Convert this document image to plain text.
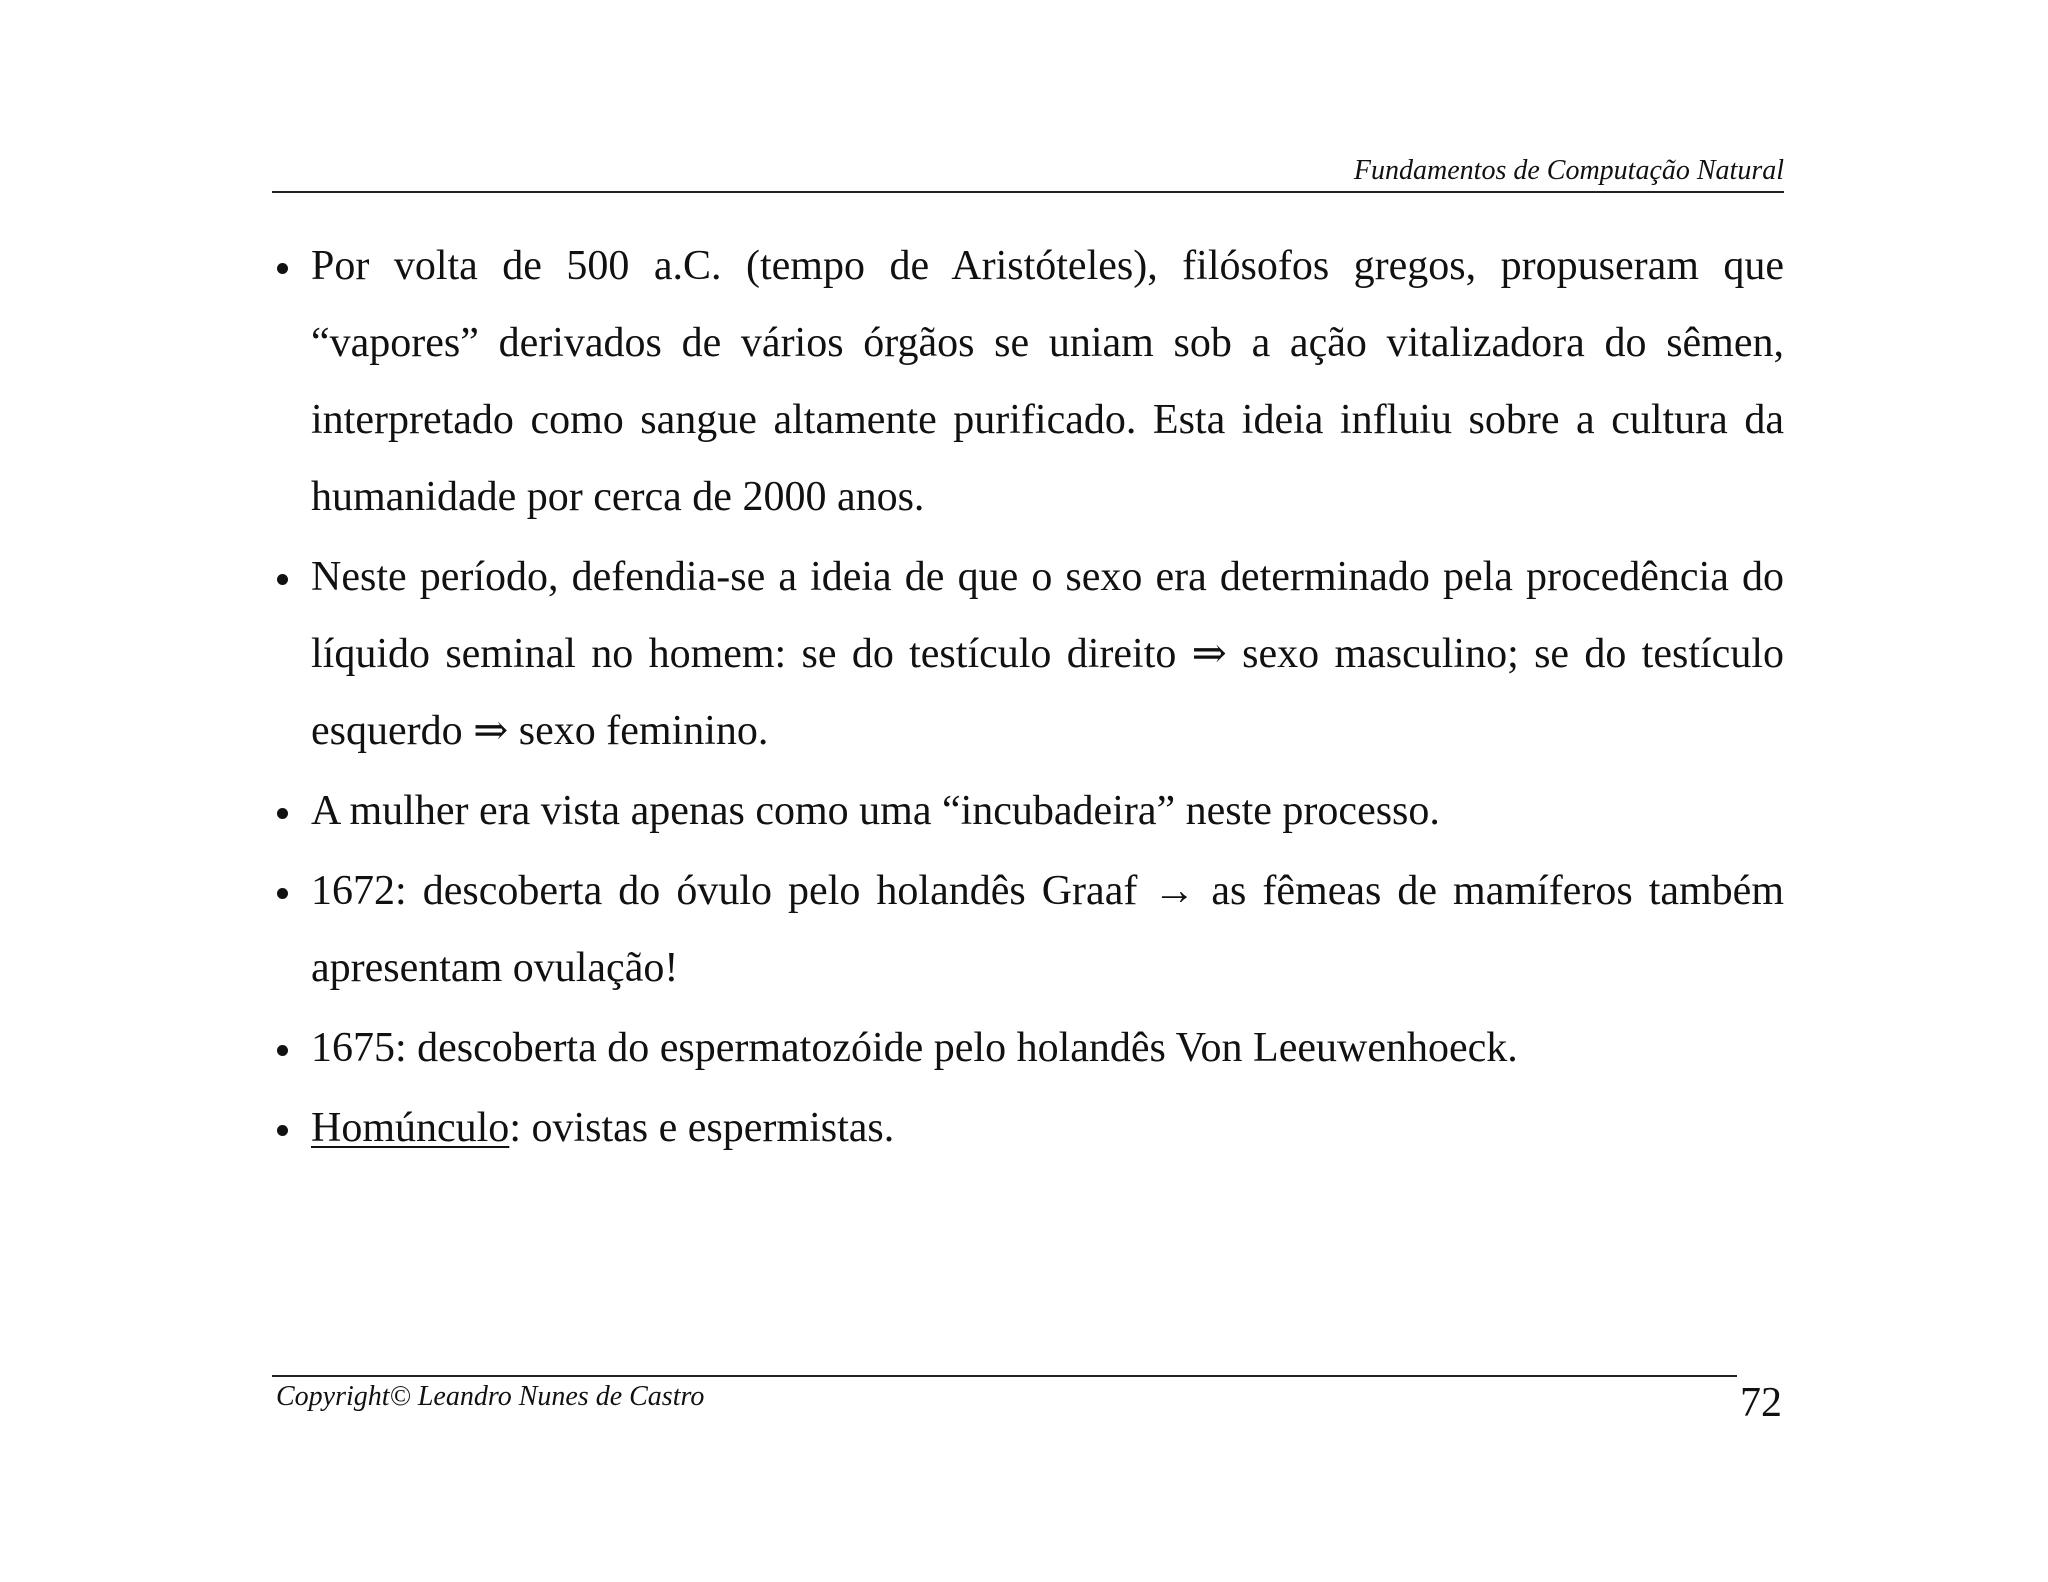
Fundamentos de Computação Natural
Por volta de 500 a.C. (tempo de Aristóteles), filósofos gregos, propuseram que “vapores” derivados de vários órgãos se uniam sob a ação vitalizadora do sêmen, interpretado como sangue altamente purificado. Esta ideia influiu sobre a cultura da humanidade por cerca de 2000 anos.
Neste período, defendia-se a ideia de que o sexo era determinado pela procedência do líquido seminal no homem: se do testículo direito ⇒ sexo masculino; se do testículo esquerdo ⇒ sexo feminino.
A mulher era vista apenas como uma “incubadeira” neste processo.
1672: descoberta do óvulo pelo holandês Graaf → as fêmeas de mamíferos também apresentam ovulação!
1675: descoberta do espermatozóide pelo holandês Von Leeuwenhoeck.
Homúnculo: ovistas e espermistas.
Copyright© Leandro Nunes de Castro	72
